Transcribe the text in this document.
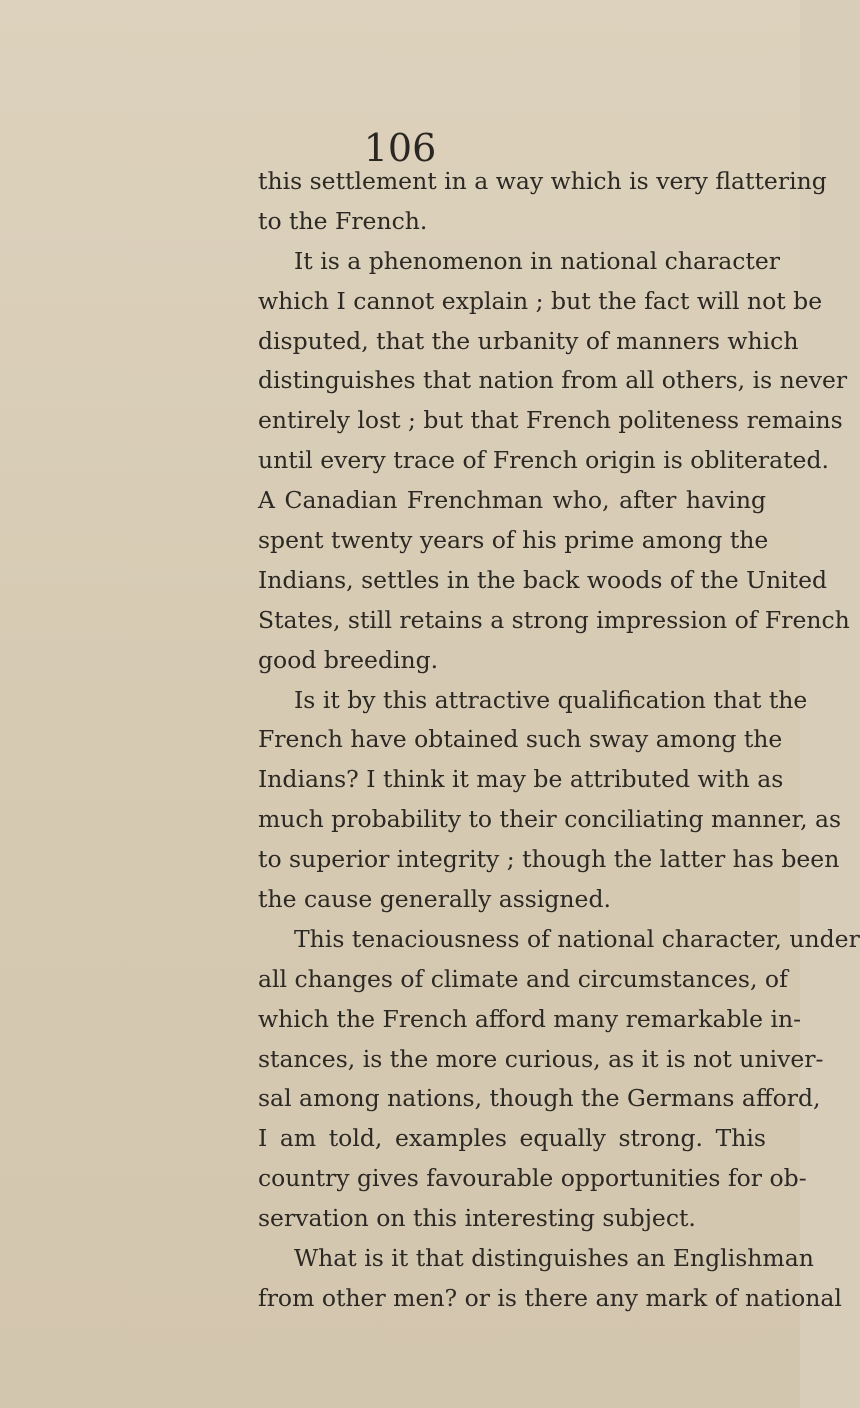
106
this settlement in a way which is very flattering
to the French.
It is a phenomenon in national character
which I cannot explain ; but the fact will not be
disputed, that the urbanity of manners which
distinguishes that nation from all others, is never
entirely lost ; but that French politeness remains
until every trace of French origin is obliterated.
A Canadian Frenchman who, after having
spent twenty years of his prime among the
Indians, settles in the back woods of the United
States, still retains a strong impression of French
good breeding.
Is it by this attractive qualification that the
French have obtained such sway among the
Indians? I think it may be attributed with as
much probability to their conciliating manner, as
to superior integrity ; though the latter has been
the cause generally assigned.
This tenaciousness of national character, under
all changes of climate and circumstances, of
which the French afford many remarkable in-
stances, is the more curious, as it is not univer-
sal among nations, though the Germans afford,
I am told, examples equally strong. This
country gives favourable opportunities for ob-
servation on this interesting subject.
What is it that distinguishes an Englishman
from other men? or is there any mark of national
